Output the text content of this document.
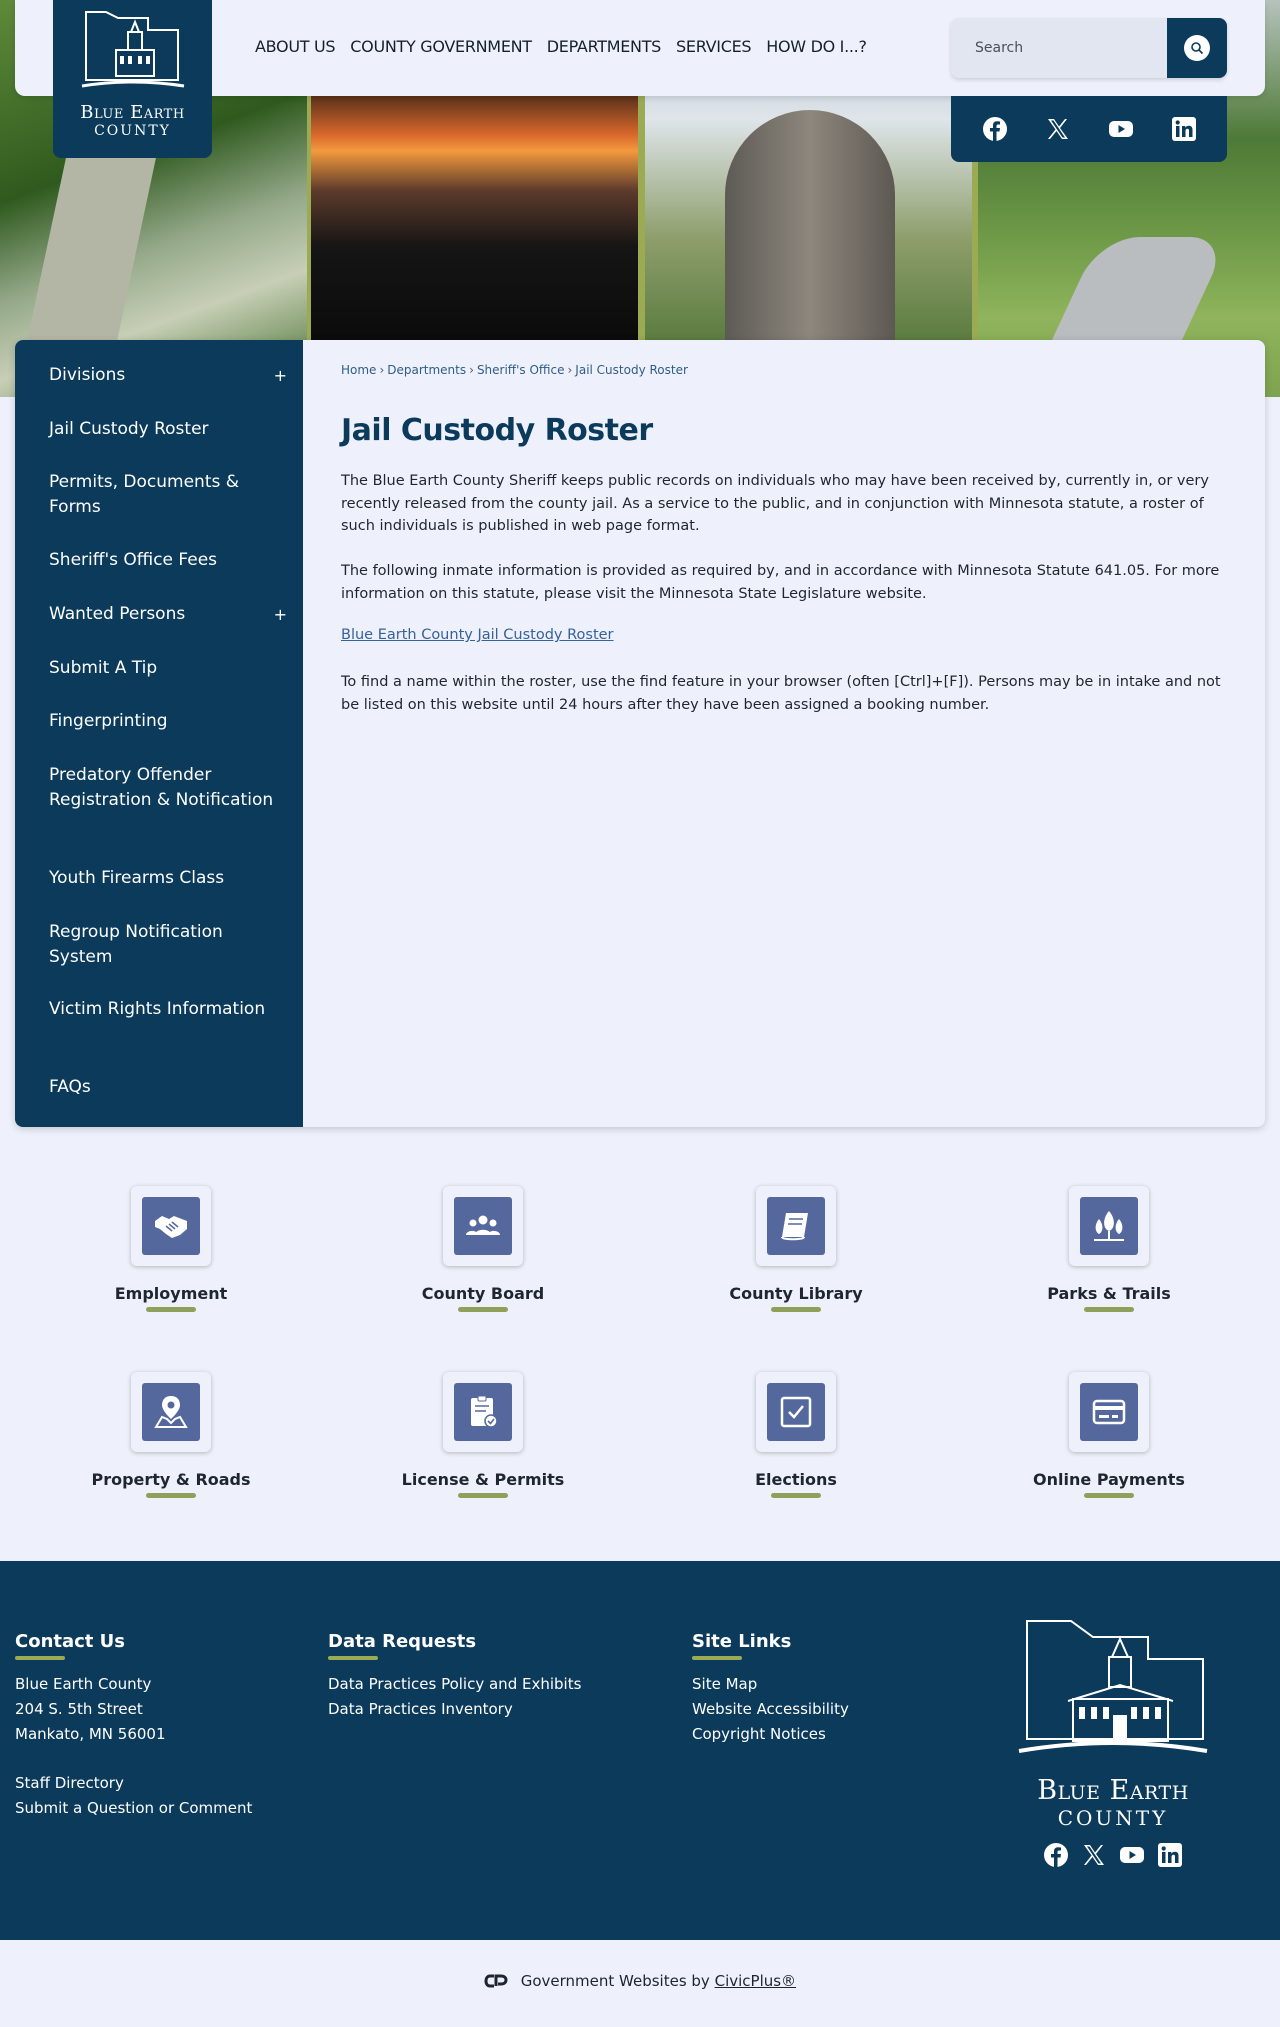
Blue Earth
COUNTY
ABOUT US COUNTY GOVERNMENT DEPARTMENTS SERVICES HOW DO I...?
Search
Divisions	+
Jail Custody Roster
Permits, Documents & Forms
Sheriff's Office Fees
Wanted Persons	+
Submit A Tip
Fingerprinting
Predatory Offender Registration & Notification
Youth Firearms Class
Regroup Notification System
Victim Rights Information
FAQs
Home › Departments › Sheriff's Office › Jail Custody Roster
Jail Custody Roster

The Blue Earth County Sheriff keeps public records on individuals who may have been received by, currently in, or very recently released from the county jail. As a service to the public, and in conjunction with Minnesota statute, a roster of such individuals is published in web page format.

The following inmate information is provided as required by, and in accordance with Minnesota Statute 641.05. For more information on this statute, please visit the Minnesota State Legislature website.

Blue Earth County Jail Custody Roster

To find a name within the roster, use the find feature in your browser (often [Ctrl]+[F]). Persons may be in intake and not be listed on this website until 24 hours after they have been assigned a booking number.

Employment	County Board	County Library	Parks & Trails
Property & Roads	License & Permits	Elections	Online Payments
Contact Us
Blue Earth County
204 S. 5th Street
Mankato, MN 56001
Staff Directory
Submit a Question or Comment
Data Requests
Data Practices Policy and Exhibits
Data Practices Inventory
Site Links
Site Map
Website Accessibility
Copyright Notices
Blue Earth
COUNTY
Government Websites by CivicPlus®
